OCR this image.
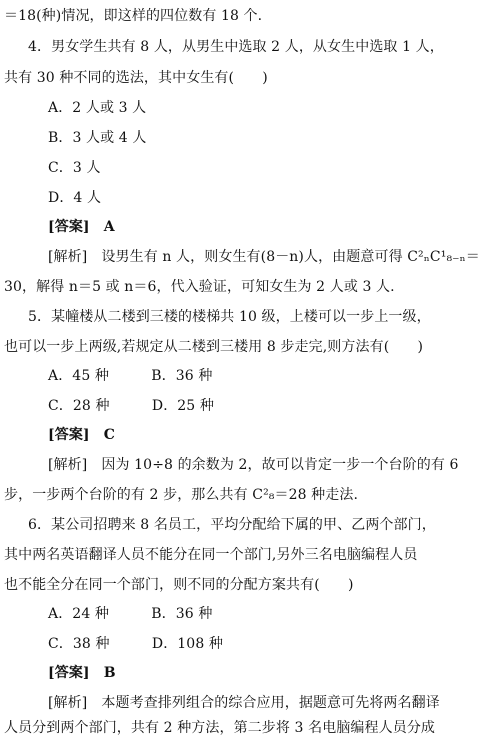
＝18(种)情况，即这样的四位数有 18 个.
4．男女学生共有 8 人，从男生中选取 2 人，从女生中选取 1 人，
共有 30 种不同的选法，其中女生有(　　)
A．2 人或 3 人
B．3 人或 4 人
C．3 人
D．4 人
[答案]　A
[解析]　设男生有 n 人，则女生有(8－n)人，由题意可得 C²ₙC¹₈₋ₙ＝
30，解得 n＝5 或 n＝6，代入验证，可知女生为 2 人或 3 人.
5．某幢楼从二楼到三楼的楼梯共 10 级，上楼可以一步上一级，
也可以一步上两级,若规定从二楼到三楼用 8 步走完,则方法有(　　)
A．45 种　　　B．36 种
C．28 种　　　D．25 种
[答案]　C
[解析]　因为 10÷8 的余数为 2，故可以肯定一步一个台阶的有 6
步，一步两个台阶的有 2 步，那么共有 C²₈＝28 种走法.
6．某公司招聘来 8 名员工，平均分配给下属的甲、乙两个部门，
其中两名英语翻译人员不能分在同一个部门,另外三名电脑编程人员
也不能全分在同一个部门，则不同的分配方案共有(　　)
A．24 种　　　B．36 种
C．38 种　　　D．108 种
[答案]　B
[解析]　本题考查排列组合的综合应用，据题意可先将两名翻译
人员分到两个部门，共有 2 种方法，第二步将 3 名电脑编程人员分成
